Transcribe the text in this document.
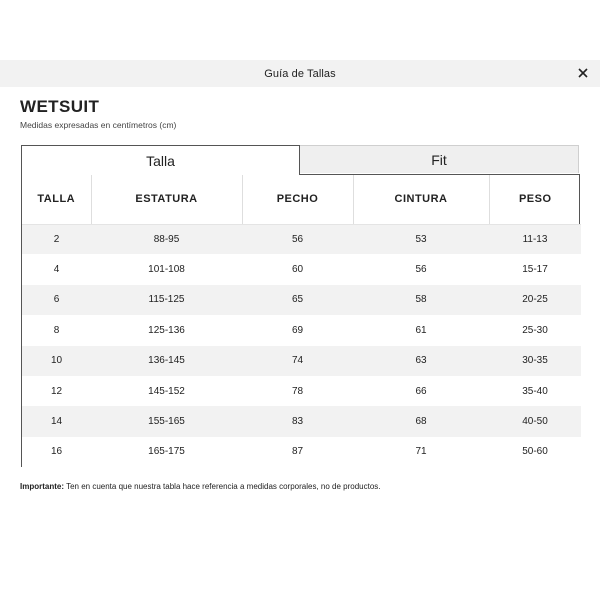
Guía de Tallas
WETSUIT
Medidas expresadas en centímetros (cm)
Talla	Fit
TALLA	ESTATURA	PECHO	CINTURA	PESO
2	88-95	56	53	11-13
4	101-108	60	56	15-17
6	115-125	65	58	20-25
8	125-136	69	61	25-30
10	136-145	74	63	30-35
12	145-152	78	66	35-40
14	155-165	83	68	40-50
16	165-175	87	71	50-60
Importante: Ten en cuenta que nuestra tabla hace referencia a medidas corporales, no de productos.
